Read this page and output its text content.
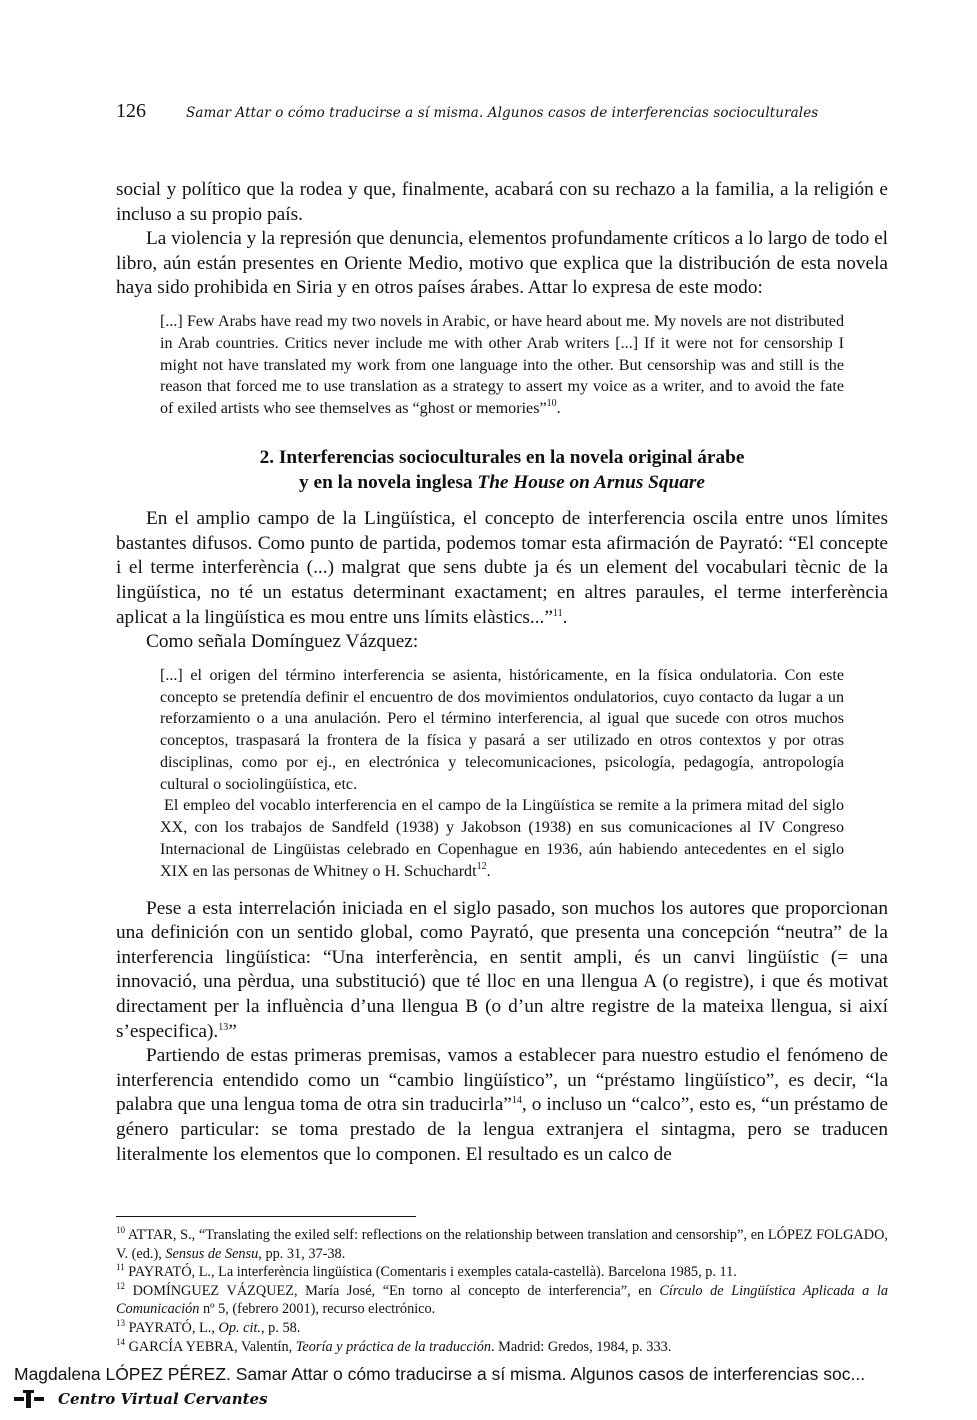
126	Samar Attar o cómo traducirse a sí misma. Algunos casos de interferencias socioculturales

social y político que la rodea y que, finalmente, acabará con su rechazo a la familia, a la religión e incluso a su propio país.

La violencia y la represión que denuncia, elementos profundamente críticos a lo largo de todo el libro, aún están presentes en Oriente Medio, motivo que explica que la distribución de esta novela haya sido prohibida en Siria y en otros países árabes. Attar lo expresa de este modo:

[...] Few Arabs have read my two novels in Arabic, or have heard about me. My novels are not distributed in Arab countries. Critics never include me with other Arab writers [...] If it were not for censorship I might not have translated my work from one language into the other. But censorship was and still is the reason that forced me to use translation as a strategy to assert my voice as a writer, and to avoid the fate of exiled artists who see themselves as “ghost or memories”$^{10}$.

2. Interferencias socioculturales en la novela original árabe
y en la novela inglesa The House on Arnus Square

En el amplio campo de la Lingüística, el concepto de interferencia oscila entre unos límites bastantes difusos. Como punto de partida, podemos tomar esta afirmación de Payrató: “El concepte i el terme interferència (...) malgrat que sens dubte ja és un element del vocabulari tècnic de la lingüística, no té un estatus determinant exactament; en altres paraules, el terme interferència aplicat a la lingüística es mou entre uns límits elàstics...”$^{11}$.

Como señala Domínguez Vázquez:

[...] el origen del término interferencia se asienta, históricamente, en la física ondulatoria. Con este concepto se pretendía definir el encuentro de dos movimientos ondulatorios, cuyo contacto da lugar a un reforzamiento o a una anulación. Pero el término interferencia, al igual que sucede con otros muchos conceptos, traspasará la frontera de la física y pasará a ser utilizado en otros contextos y por otras disciplinas, como por ej., en electrónica y telecomunicaciones, psicología, pedagogía, antropología cultural o sociolingüística, etc.

El empleo del vocablo interferencia en el campo de la Lingüística se remite a la primera mitad del siglo XX, con los trabajos de Sandfeld (1938) y Jakobson (1938) en sus comunicaciones al IV Congreso Internacional de Lingüistas celebrado en Copenhague en 1936, aún habiendo antecedentes en el siglo XIX en las personas de Whitney o H. Schuchardt$^{12}$.

Pese a esta interrelación iniciada en el siglo pasado, son muchos los autores que proporcionan una definición con un sentido global, como Payrató, que presenta una concepción “neutra” de la interferencia lingüística: “Una interferència, en sentit ampli, és un canvi lingüístic (= una innovació, una pèrdua, una substitució) que té lloc en una llengua A (o registre), i que és motivat directament per la influència d’una llengua B (o d’un altre registre de la mateixa llengua, si així s’especifica).$^{13}$”

Partiendo de estas primeras premisas, vamos a establecer para nuestro estudio el fenómeno de interferencia entendido como un “cambio lingüístico”, un “préstamo lingüístico”, es decir, “la palabra que una lengua toma de otra sin traducirla”$^{14}$, o incluso un “calco”, esto es, “un préstamo de género particular: se toma prestado de la lengua extranjera el sintagma, pero se traducen literalmente los elementos que lo componen. El resultado es un calco de

$^{10}$ ATTAR, S., “Translating the exiled self: reflections on the relationship between translation and censorship”, en LÓPEZ FOLGADO, V. (ed.), Sensus de Sensu, pp. 31, 37-38.

$^{11}$ PAYRATÓ, L., La interferència lingüística (Comentaris i exemples catala-castellà). Barcelona 1985, p. 11.

$^{12}$ DOMÍNGUEZ VÁZQUEZ, María José, “En torno al concepto de interferencia”, en Círculo de Lingüística Aplicada a la Comunicación nº 5, (febrero 2001), recurso electrónico.

$^{13}$ PAYRATÓ, L., Op. cit., p. 58.

$^{14}$ GARCÍA YEBRA, Valentín, Teoría y práctica de la traducción. Madrid: Gredos, 1984, p. 333.

Magdalena LÓPEZ PÉREZ. Samar Attar o cómo traducirse a sí misma. Algunos casos de interferencias soc...
Centro Virtual Cervantes
